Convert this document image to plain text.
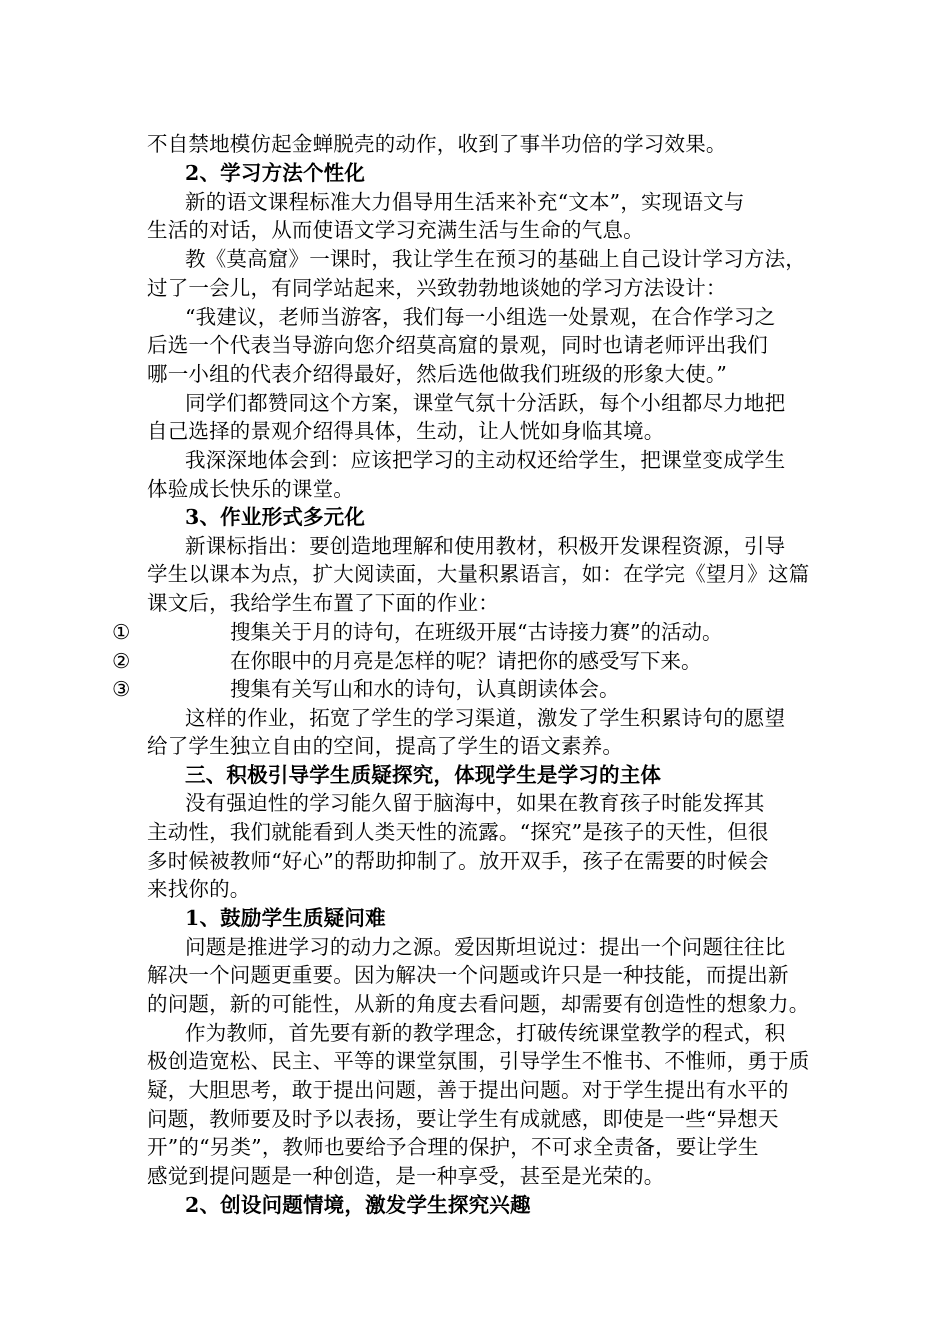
不自禁地模仿起金蝉脱壳的动作，收到了事半功倍的学习效果。
2、学习方法个性化
新的语文课程标准大力倡导用生活来补充“文本”，实现语文与
生活的对话，从而使语文学习充满生活与生命的气息。
教《莫高窟》一课时，我让学生在预习的基础上自己设计学习方法，
过了一会儿，有同学站起来，兴致勃勃地谈她的学习方法设计：
“我建议，老师当游客，我们每一小组选一处景观，在合作学习之
后选一个代表当导游向您介绍莫高窟的景观，同时也请老师评出我们
哪一小组的代表介绍得最好，然后选他做我们班级的形象大使。”
同学们都赞同这个方案，课堂气氛十分活跃，每个小组都尽力地把
自己选择的景观介绍得具体，生动，让人恍如身临其境。
我深深地体会到：应该把学习的主动权还给学生，把课堂变成学生
体验成长快乐的课堂。
3、作业形式多元化
新课标指出：要创造地理解和使用教材，积极开发课程资源，引导
学生以课本为点，扩大阅读面，大量积累语言，如：在学完《望月》这篇
课文后，我给学生布置了下面的作业：
①	搜集关于月的诗句，在班级开展“古诗接力赛”的活动。
②	在你眼中的月亮是怎样的呢？请把你的感受写下来。
③	搜集有关写山和水的诗句，认真朗读体会。
这样的作业，拓宽了学生的学习渠道，激发了学生积累诗句的愿望
给了学生独立自由的空间，提高了学生的语文素养。
三、积极引导学生质疑探究，体现学生是学习的主体
没有强迫性的学习能久留于脑海中，如果在教育孩子时能发挥其
主动性，我们就能看到人类天性的流露。“探究”是孩子的天性，但很
多时候被教师“好心”的帮助抑制了。放开双手，孩子在需要的时候会
来找你的。
1、鼓励学生质疑问难
问题是推进学习的动力之源。爱因斯坦说过：提出一个问题往往比
解决一个问题更重要。因为解决一个问题或许只是一种技能，而提出新
的问题，新的可能性，从新的角度去看问题，却需要有创造性的想象力。
作为教师，首先要有新的教学理念，打破传统课堂教学的程式，积
极创造宽松、民主、平等的课堂氛围，引导学生不惟书、不惟师，勇于质
疑，大胆思考，敢于提出问题，善于提出问题。对于学生提出有水平的
问题，教师要及时予以表扬，要让学生有成就感，即使是一些“异想天
开”的“另类”，教师也要给予合理的保护，不可求全责备，要让学生
感觉到提问题是一种创造，是一种享受，甚至是光荣的。
2、创设问题情境，激发学生探究兴趣
